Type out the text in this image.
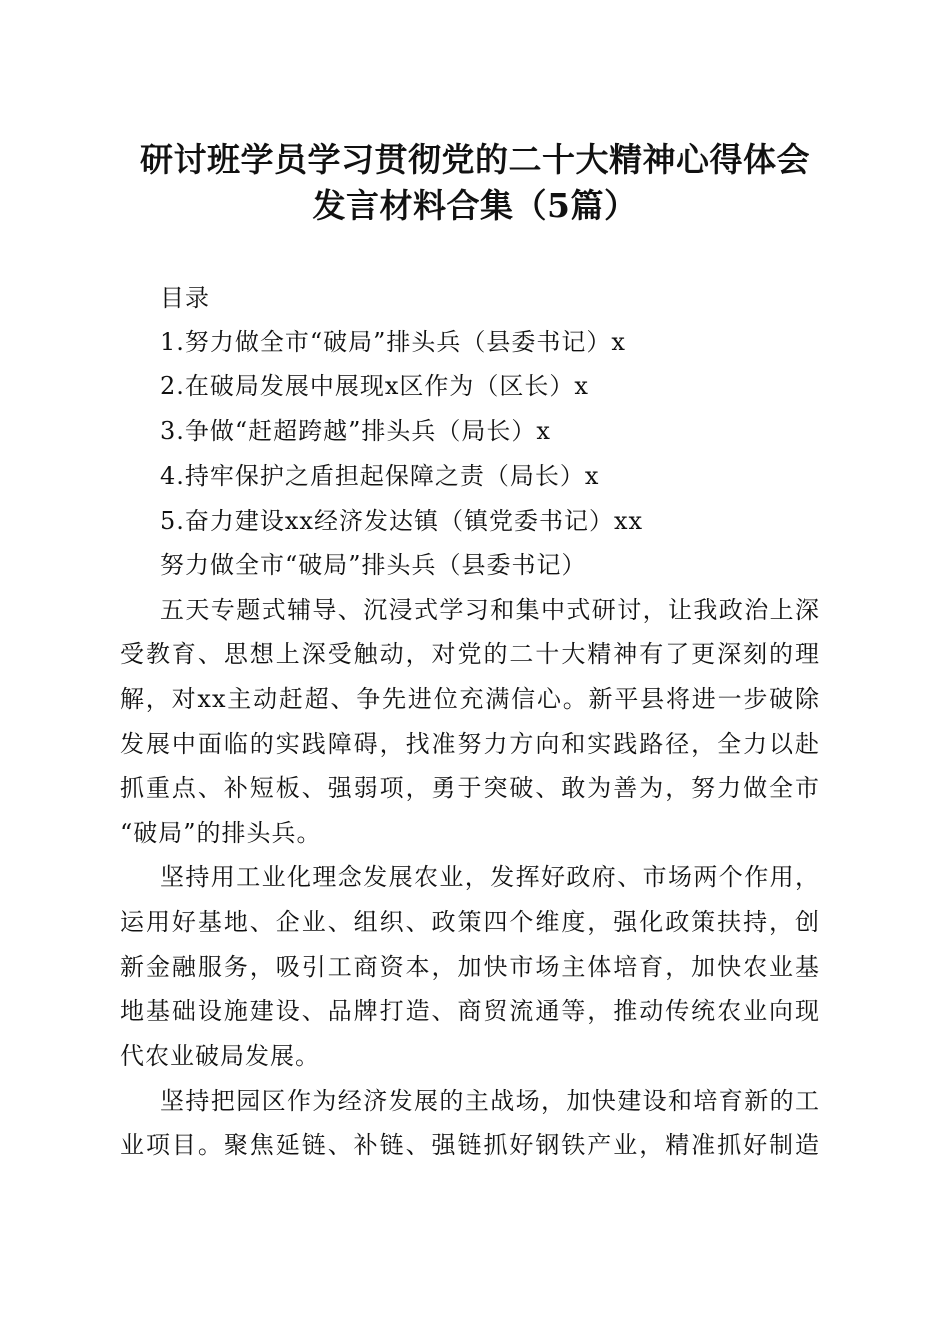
研讨班学员学习贯彻党的二十大精神心得体会
发言材料合集（5篇）

目录

1.努力做全市“破局”排头兵（县委书记）x

2.在破局发展中展现x区作为（区长）x

3.争做“赶超跨越”排头兵（局长）x

4.持牢保护之盾担起保障之责（局长）x

5.奋力建设xx经济发达镇（镇党委书记）xx

努力做全市“破局”排头兵（县委书记）

五天专题式辅导、沉浸式学习和集中式研讨，让我政治上深

受教育、思想上深受触动，对党的二十大精神有了更深刻的理

解，对xx主动赶超、争先进位充满信心。新平县将进一步破除

发展中面临的实践障碍，找准努力方向和实践路径，全力以赴

抓重点、补短板、强弱项，勇于突破、敢为善为，努力做全市

“破局”的排头兵。

坚持用工业化理念发展农业，发挥好政府、市场两个作用，

运用好基地、企业、组织、政策四个维度，强化政策扶持，创

新金融服务，吸引工商资本，加快市场主体培育，加快农业基

地基础设施建设、品牌打造、商贸流通等，推动传统农业向现

代农业破局发展。

坚持把园区作为经济发展的主战场，加快建设和培育新的工

业项目。聚焦延链、补链、强链抓好钢铁产业，精准抓好制造
